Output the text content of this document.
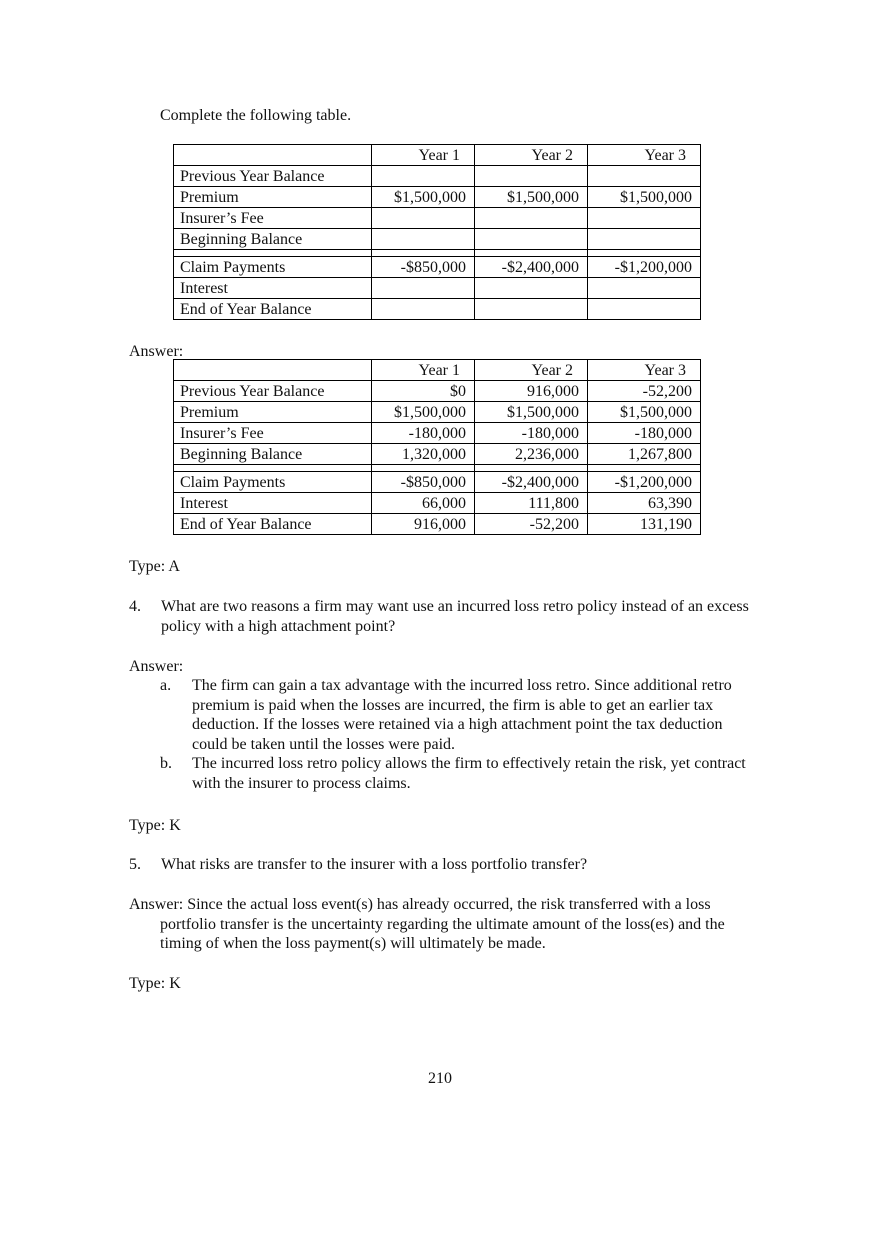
Complete the following table.

	Year 1	Year 2	Year 3
Previous Year Balance			
Premium	$1,500,000	$1,500,000	$1,500,000
Insurer’s Fee			
Beginning Balance			

Claim Payments	-$850,000	-$2,400,000	-$1,200,000
Interest			
End of Year Balance			

Answer:

	Year 1	Year 2	Year 3
Previous Year Balance	$0	916,000	-52,200
Premium	$1,500,000	$1,500,000	$1,500,000
Insurer’s Fee	-180,000	-180,000	-180,000
Beginning Balance	1,320,000	2,236,000	1,267,800

Claim Payments	-$850,000	-$2,400,000	-$1,200,000
Interest	66,000	111,800	63,390
End of Year Balance	916,000	-52,200	131,190

Type: A

4. What are two reasons a firm may want use an incurred loss retro policy instead of an excess policy with a high attachment point?

Answer:

a. The firm can gain a tax advantage with the incurred loss retro. Since additional retro premium is paid when the losses are incurred, the firm is able to get an earlier tax deduction. If the losses were retained via a high attachment point the tax deduction could be taken until the losses were paid.
b. The incurred loss retro policy allows the firm to effectively retain the risk, yet contract with the insurer to process claims.

Type: K

5. What risks are transfer to the insurer with a loss portfolio transfer?

Answer: Since the actual loss event(s) has already occurred, the risk transferred with a loss portfolio transfer is the uncertainty regarding the ultimate amount of the loss(es) and the timing of when the loss payment(s) will ultimately be made.

Type: K

210
